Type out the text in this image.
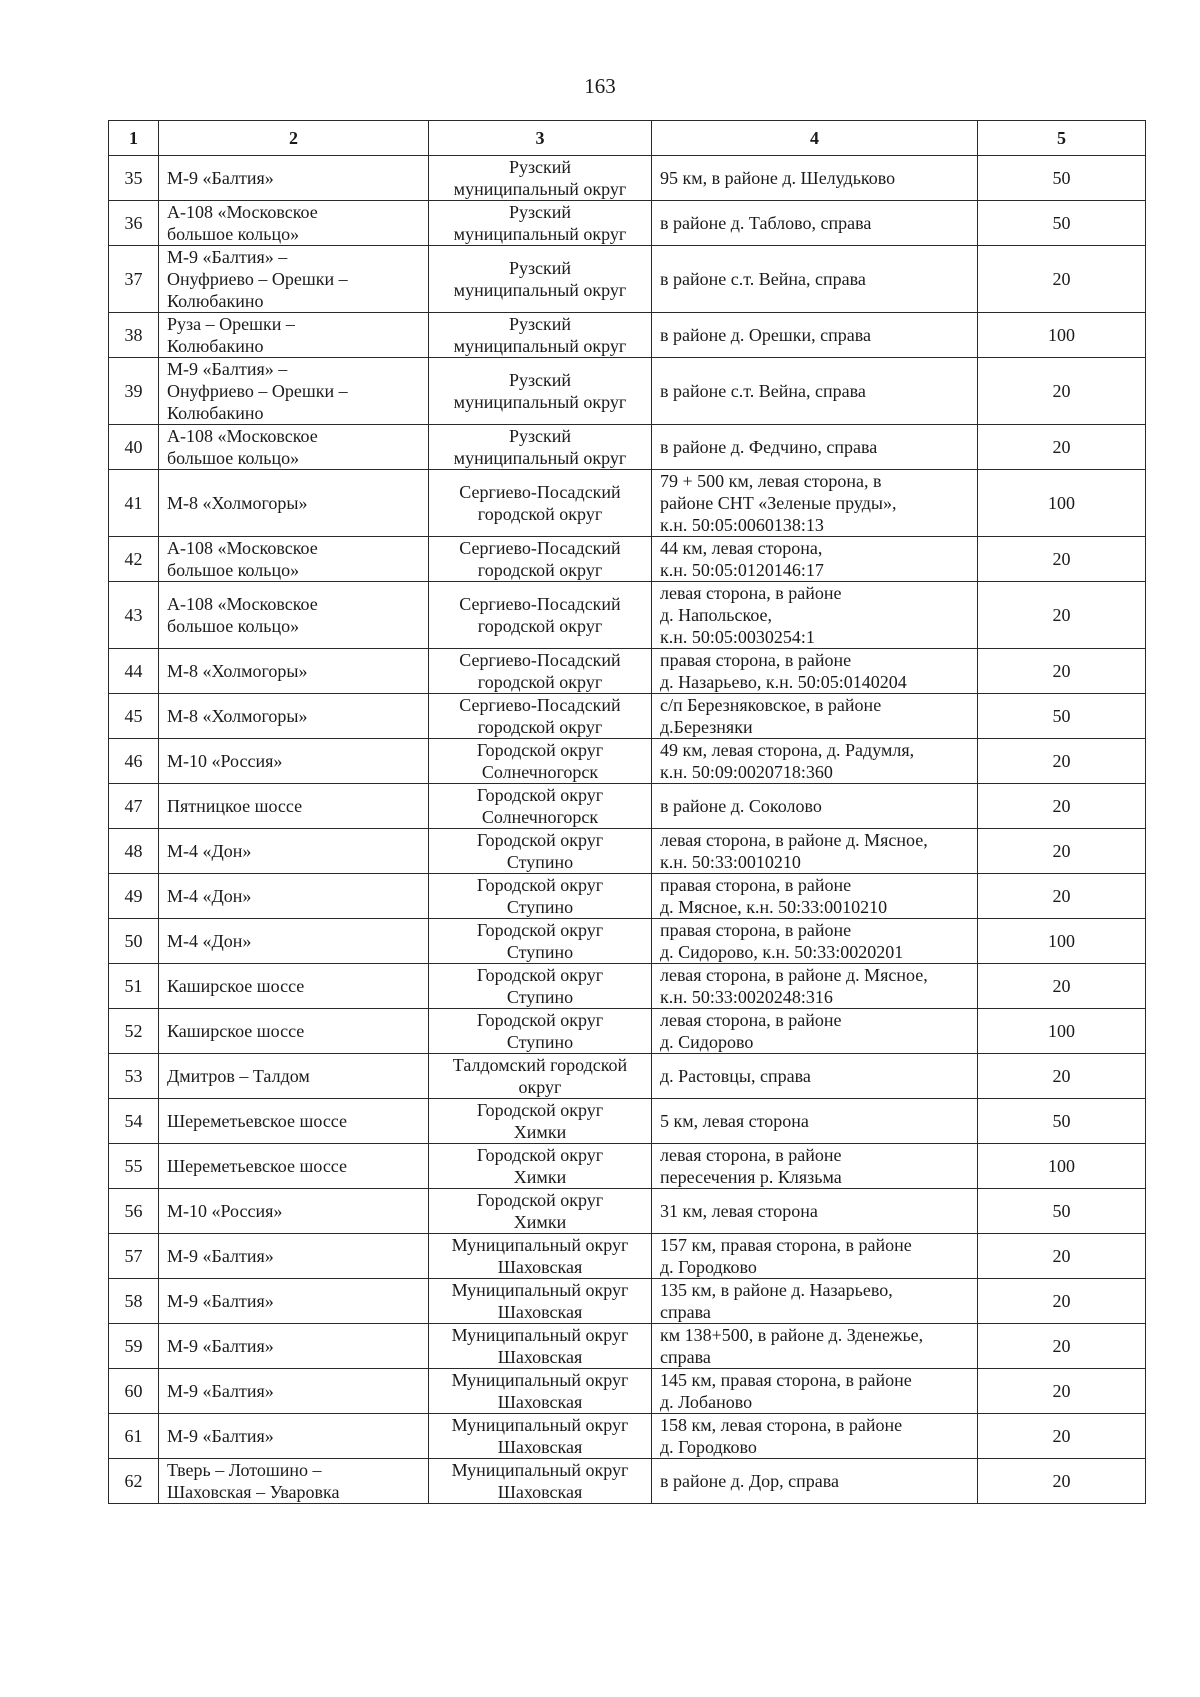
163
1	2	3	4	5
35	М-9 «Балтия»	Рузский
муниципальный округ	95 км, в районе д. Шелудьково	50
36	А-108 «Московское
большое кольцо»	Рузский
муниципальный округ	в районе д. Таблово, справа	50
37	М-9 «Балтия» –
Онуфриево – Орешки –
Колюбакино	Рузский
муниципальный округ	в районе с.т. Вейна, справа	20
38	Руза – Орешки –
Колюбакино	Рузский
муниципальный округ	в районе д. Орешки, справа	100
39	М-9 «Балтия» –
Онуфриево – Орешки –
Колюбакино	Рузский
муниципальный округ	в районе с.т. Вейна, справа	20
40	А-108 «Московское
большое кольцо»	Рузский
муниципальный округ	в районе д. Федчино, справа	20
41	М-8 «Холмогоры»	Сергиево-Посадский
городской округ	79 + 500 км, левая сторона, в
районе СНТ «Зеленые пруды»,
к.н. 50:05:0060138:13	100
42	А-108 «Московское
большое кольцо»	Сергиево-Посадский
городской округ	44 км, левая сторона,
к.н. 50:05:0120146:17	20
43	А-108 «Московское
большое кольцо»	Сергиево-Посадский
городской округ	левая сторона, в районе
д. Напольское,
к.н. 50:05:0030254:1	20
44	М-8 «Холмогоры»	Сергиево-Посадский
городской округ	правая сторона, в районе
д. Назарьево, к.н. 50:05:0140204	20
45	М-8 «Холмогоры»	Сергиево-Посадский
городской округ	с/п Березняковское, в районе
д.Березняки	50
46	М-10 «Россия»	Городской округ
Солнечногорск	49 км, левая сторона, д. Радумля,
к.н. 50:09:0020718:360	20
47	Пятницкое шоссе	Городской округ
Солнечногорск	в районе д. Соколово	20
48	М-4 «Дон»	Городской округ
Ступино	левая сторона, в районе д. Мясное,
к.н. 50:33:0010210	20
49	М-4 «Дон»	Городской округ
Ступино	правая сторона, в районе
д. Мясное, к.н. 50:33:0010210	20
50	М-4 «Дон»	Городской округ
Ступино	правая сторона, в районе
д. Сидорово, к.н. 50:33:0020201	100
51	Каширское шоссе	Городской округ
Ступино	левая сторона, в районе д. Мясное,
к.н. 50:33:0020248:316	20
52	Каширское шоссе	Городской округ
Ступино	левая сторона, в районе
д. Сидорово	100
53	Дмитров – Талдом	Талдомский городской
округ	д. Растовцы, справа	20
54	Шереметьевское шоссе	Городской округ
Химки	5 км, левая сторона	50
55	Шереметьевское шоссе	Городской округ
Химки	левая сторона, в районе
пересечения р. Клязьма	100
56	М-10 «Россия»	Городской округ
Химки	31 км, левая сторона	50
57	М-9 «Балтия»	Муниципальный округ
Шаховская	157 км, правая сторона, в районе
д. Городково	20
58	М-9 «Балтия»	Муниципальный округ
Шаховская	135 км, в районе д. Назарьево,
справа	20
59	М-9 «Балтия»	Муниципальный округ
Шаховская	км 138+500, в районе д. Зденежье,
справа	20
60	М-9 «Балтия»	Муниципальный округ
Шаховская	145 км, правая сторона, в районе
д. Лобаново	20
61	М-9 «Балтия»	Муниципальный округ
Шаховская	158 км, левая сторона, в районе
д. Городково	20
62	Тверь – Лотошино –
Шаховская – Уваровка	Муниципальный округ
Шаховская	в районе д. Дор, справа	20
